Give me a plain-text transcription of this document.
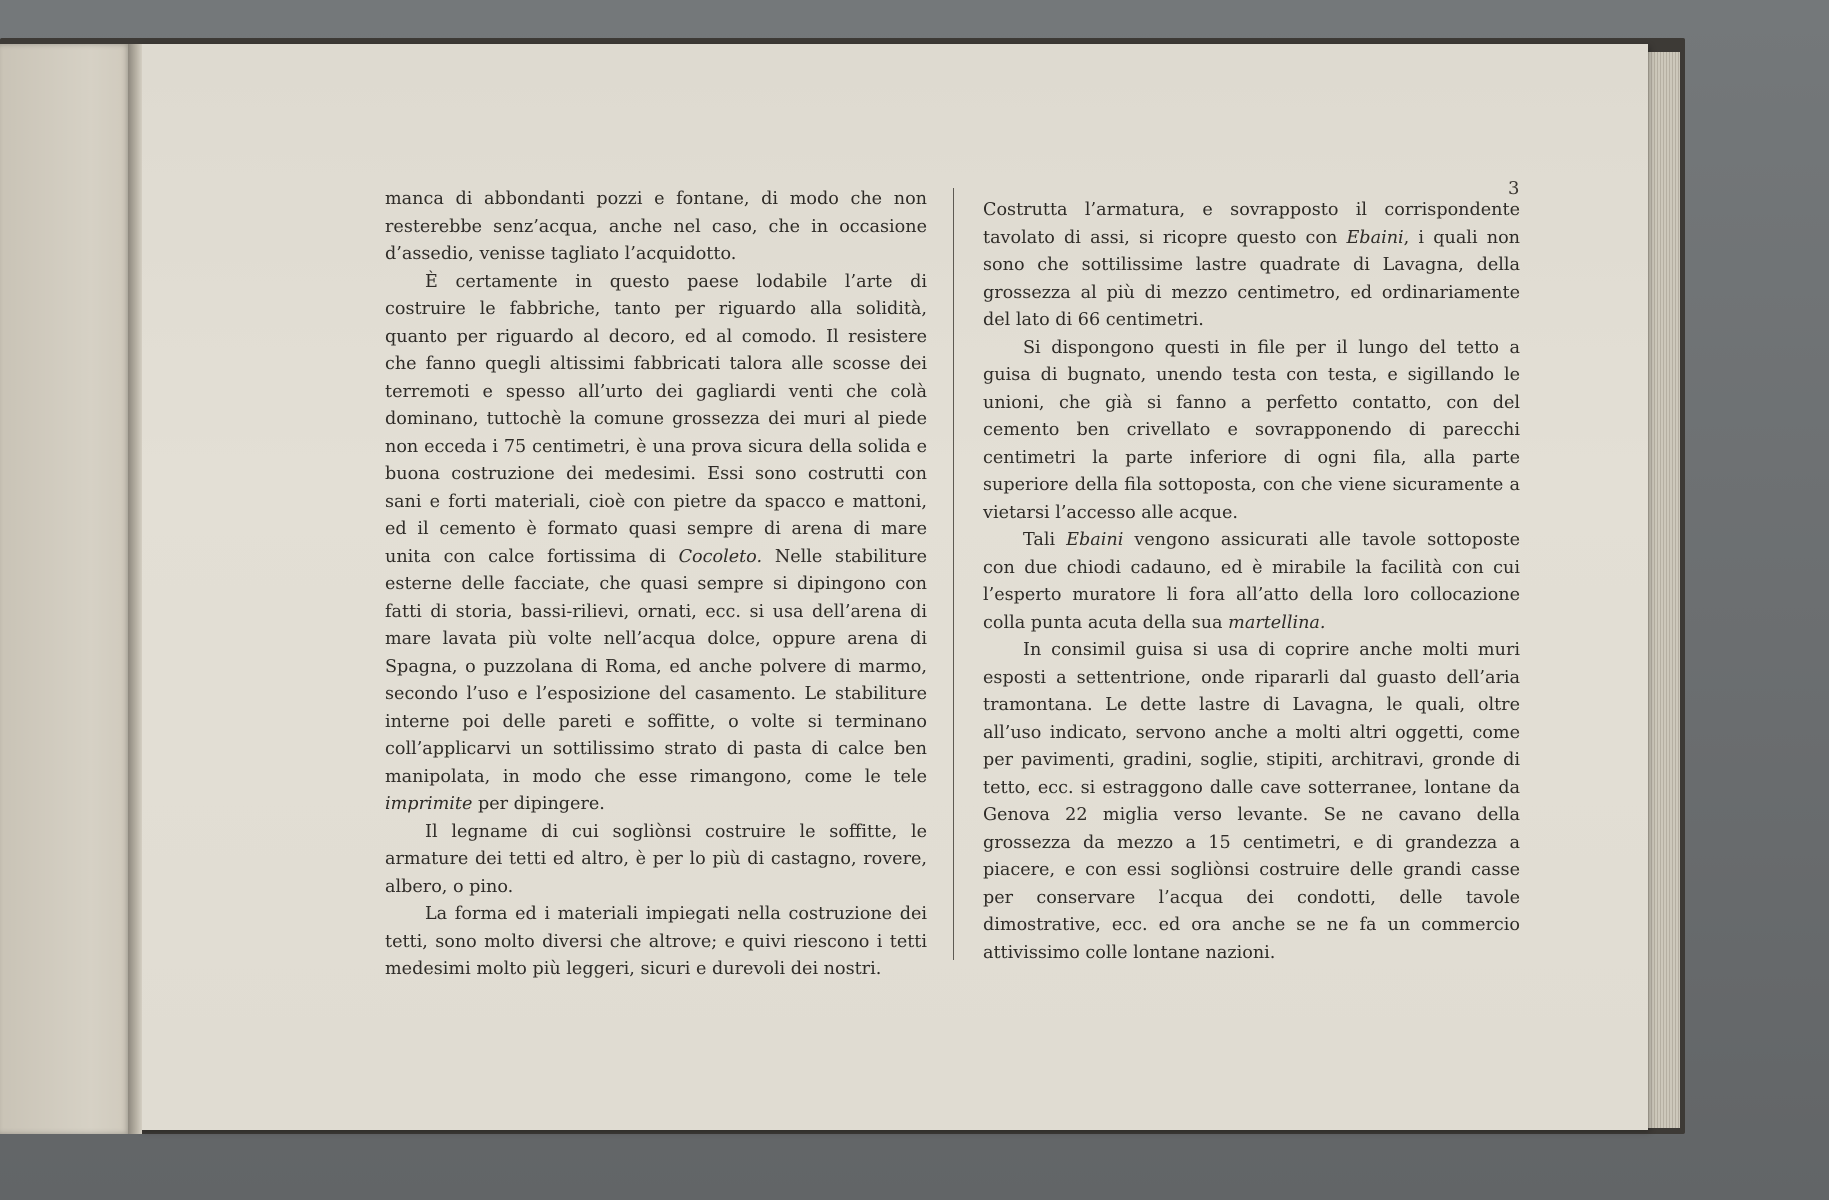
3

manca di abbondanti pozzi e fontane, di modo che non resterebbe senz’acqua, anche nel caso, che in occasione d’assedio, venisse tagliato l’acquidotto.

È certamente in questo paese lodabile l’arte di costruire le fabbriche, tanto per riguardo alla solidità, quanto per riguardo al decoro, ed al comodo. Il resistere che fanno quegli altissimi fabbricati talora alle scosse dei terremoti e spesso all’urto dei gagliardi venti che colà dominano, tuttochè la comune grossezza dei muri al piede non ecceda i 75 centimetri, è una prova sicura della solida e buona costruzione dei medesimi. Essi sono costrutti con sani e forti materiali, cioè con pietre da spacco e mattoni, ed il cemento è formato quasi sempre di arena di mare unita con calce fortissima di Cocoleto. Nelle stabiliture esterne delle facciate, che quasi sempre si dipingono con fatti di storia, bassi-rilievi, ornati, ecc. si usa dell’arena di mare lavata più volte nell’acqua dolce, oppure arena di Spagna, o puzzolana di Roma, ed anche polvere di marmo, secondo l’uso e l’esposizione del casamento. Le stabiliture interne poi delle pareti e soffitte, o volte si terminano coll’applicarvi un sottilissimo strato di pasta di calce ben manipolata, in modo che esse rimangono, come le tele imprimite per dipingere.

Il legname di cui sogliònsi costruire le soffitte, le armature dei tetti ed altro, è per lo più di castagno, rovere, albero, o pino.

La forma ed i materiali impiegati nella costruzione dei tetti, sono molto diversi che altrove; e quivi riescono i tetti medesimi molto più leggeri, sicuri e durevoli dei nostri.

Costrutta l’armatura, e sovrapposto il corrispondente tavolato di assi, si ricopre questo con Ebaini, i quali non sono che sottilissime lastre quadrate di Lavagna, della grossezza al più di mezzo centimetro, ed ordinariamente del lato di 66 centimetri.

Si dispongono questi in file per il lungo del tetto a guisa di bugnato, unendo testa con testa, e sigillando le unioni, che già si fanno a perfetto contatto, con del cemento ben crivellato e sovrapponendo di parecchi centimetri la parte inferiore di ogni fila, alla parte superiore della fila sottoposta, con che viene sicuramente a vietarsi l’accesso alle acque.

Tali Ebaini vengono assicurati alle tavole sottoposte con due chiodi cadauno, ed è mirabile la facilità con cui l’esperto muratore li fora all’atto della loro collocazione colla punta acuta della sua martellina.

In consimil guisa si usa di coprire anche molti muri esposti a settentrione, onde ripararli dal guasto dell’aria tramontana. Le dette lastre di Lavagna, le quali, oltre all’uso indicato, servono anche a molti altri oggetti, come per pavimenti, gradini, soglie, stipiti, architravi, gronde di tetto, ecc. si estraggono dalle cave sotterranee, lontane da Genova 22 miglia verso levante. Se ne cavano della grossezza da mezzo a 15 centimetri, e di grandezza a piacere, e con essi sogliònsi costruire delle grandi casse per conservare l’acqua dei condotti, delle tavole dimostrative, ecc. ed ora anche se ne fa un commercio attivissimo colle lontane nazioni.
